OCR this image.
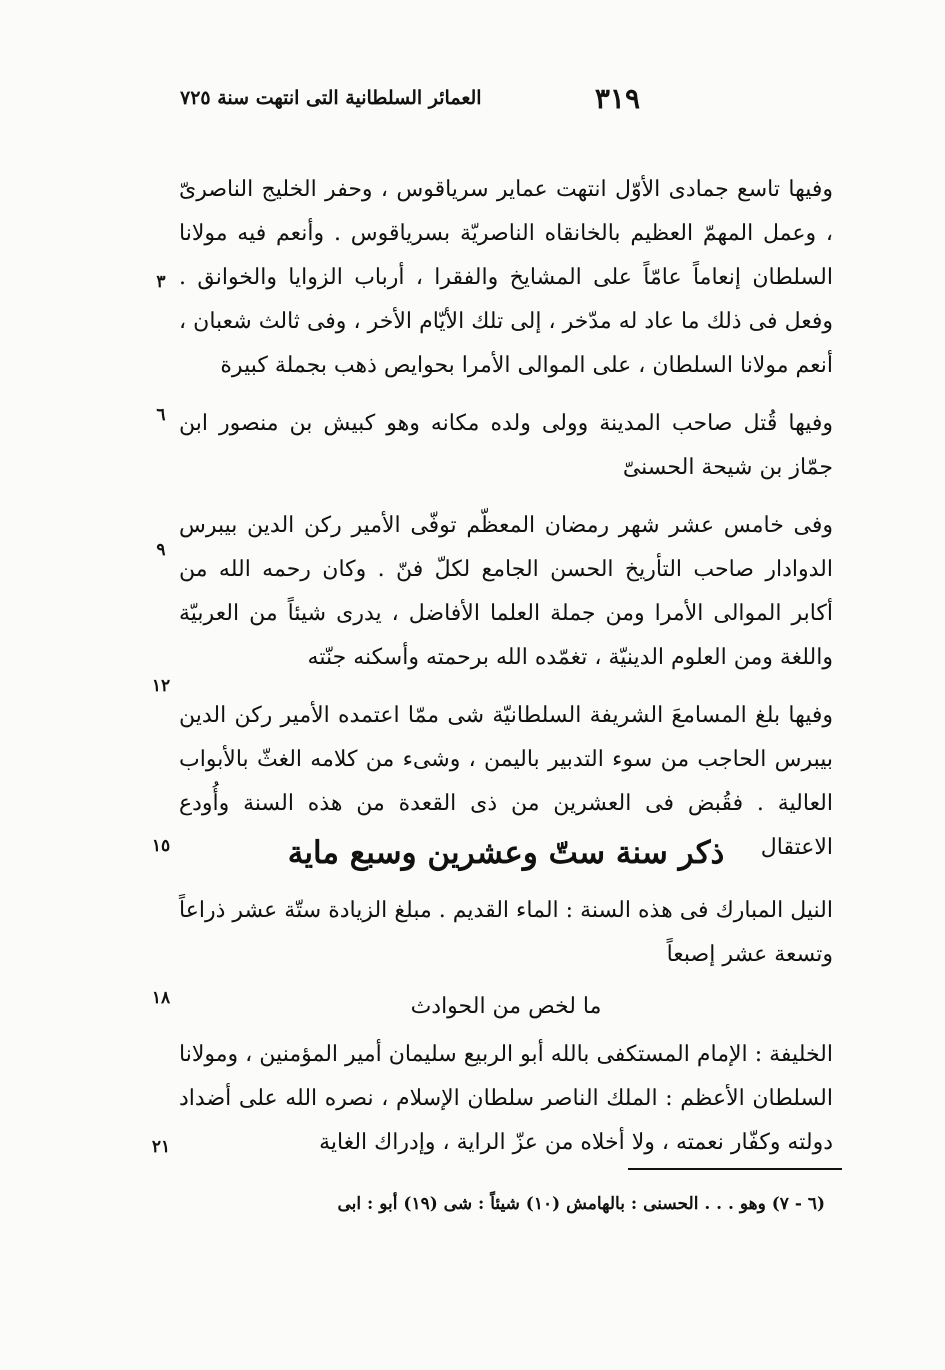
٣١٩
العمائر السلطانية التى انتهت سنة ٧٢٥

وفيها تاسع جمادى الأوّل انتهت عماير سرياقوس ، وحفر الخليج الناصرىّ ، وعمل المهمّ العظيم بالخانقاه الناصريّة بسرياقوس . وأنعم فيه مولانا السلطان إنعاماً عامّاً على المشايخ والفقرا ، أرباب الزوايا والخوانق . وفعل فى ذلك ما عاد له مدّخر ، إلى تلك الأيّام الأخر ، وفى ثالث شعبان ، أنعم مولانا السلطان ، على الموالى الأمرا بحوايص ذهب بجملة كبيرة

وفيها قُتل صاحب المدينة وولى ولده مكانه وهو كبيش بن منصور ابن جمّاز بن شيحة الحسنىّ

وفى خامس عشر شهر رمضان المعظّم توفّى الأمير ركن الدين بيبرس الدوادار صاحب التأريخ الحسن الجامع لكلّ فنّ . وكان رحمه الله من أكابر الموالى الأمرا ومن جملة العلما الأفاضل ، يدرى شيئاً من العربيّة واللغة ومن العلوم الدينيّة ، تغمّده الله برحمته وأسكنه جنّته

وفيها بلغ المسامعَ الشريفة السلطانيّة شى ممّا اعتمده الأمير ركن الدين بيبرس الحاجب من سوء التدبير باليمن ، وشىء من كلامه الغثّ بالأبواب العالية . فقُبض فى العشرين من ذى القعدة من هذه السنة وأُودع الاعتقال

ذكر سنة ستّ وعشرين وسبع ماية

النيل المبارك فى هذه السنة : الماء القديم . مبلغ الزيادة ستّة عشر ذراعاً وتسعة عشر إصبعاً

ما لخص من الحوادث

الخليفة : الإمام المستكفى بالله أبو الربيع سليمان أمير المؤمنين ، ومولانا السلطان الأعظم : الملك الناصر سلطان الإسلام ، نصره الله على أضداد دولته وكفّار نعمته ، ولا أخلاه من عزّ الراية ، وإدراك الغاية

٣
٦
٩
١٢
١٥
١٨
٢١
(٦ - ٧) وهو . . . الحسنى : بالهامش (١٠) شيئاً : شى (١٩) أبو : ابى
